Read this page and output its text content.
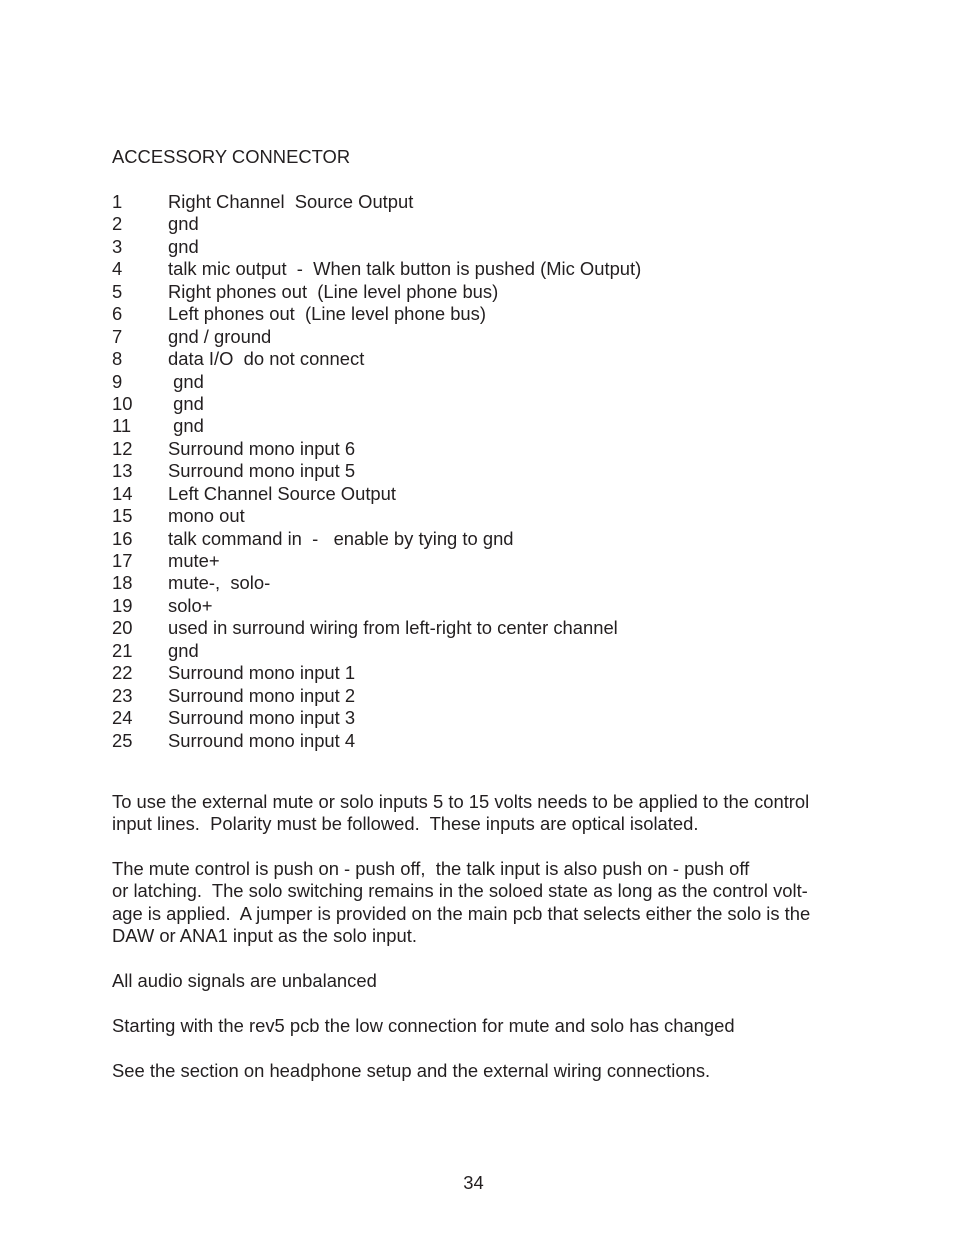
ACCESSORY CONNECTOR
1	Right Channel  Source Output
2	gnd
3	gnd
4	talk mic output  -  When talk button is pushed (Mic Output)
5	Right phones out  (Line level phone bus)
6	Left phones out  (Line level phone bus)
7	gnd / ground
8	data I/O  do not connect
9	gnd
10	gnd
11	gnd
12	Surround mono input 6
13	Surround mono input 5
14	Left Channel Source Output
15	mono out
16	talk command in  -   enable by tying to gnd
17	mute+
18	mute-,  solo-
19	solo+
20	used in surround wiring from left-right to center channel
21	gnd
22	Surround mono input 1
23	Surround mono input 2
24	Surround mono input 3
25	Surround mono input 4
To use the external mute or solo inputs 5 to 15 volts needs to be applied to the control
input lines.  Polarity must be followed.  These inputs are optical isolated.
The mute control is push on - push off,  the talk input is also push on - push off
or latching.  The solo switching remains in the soloed state as long as the control volt-
age is applied.  A jumper is provided on the main pcb that selects either the solo is the
DAW or ANA1 input as the solo input.
All audio signals are unbalanced
Starting with the rev5 pcb the low connection for mute and solo has changed
See the section on headphone setup and the external wiring connections.
34
